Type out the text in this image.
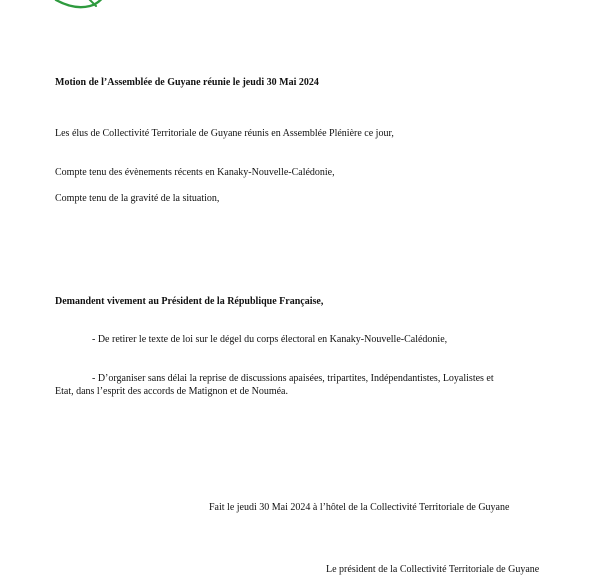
Motion de l’Assemblée de Guyane réunie le jeudi 30 Mai 2024

Les élus de Collectivité Territoriale de Guyane réunis en Assemblée Plénière ce jour,

Compte tenu des évènements récents en Kanaky-Nouvelle-Calédonie,

Compte tenu de la gravité de la situation,

Demandent vivement au Président de la République Française,

- De retirer le texte de loi sur le dégel du corps électoral en Kanaky-Nouvelle-Calédonie,

- D’organiser sans délai la reprise de discussions apaisées, tripartites, Indépendantistes, Loyalistes et

Etat, dans l’esprit des accords de Matignon et de Nouméa.

Fait le jeudi 30 Mai 2024 à l’hôtel de la Collectivité Territoriale de Guyane

Le président de la Collectivité Territoriale de Guyane
